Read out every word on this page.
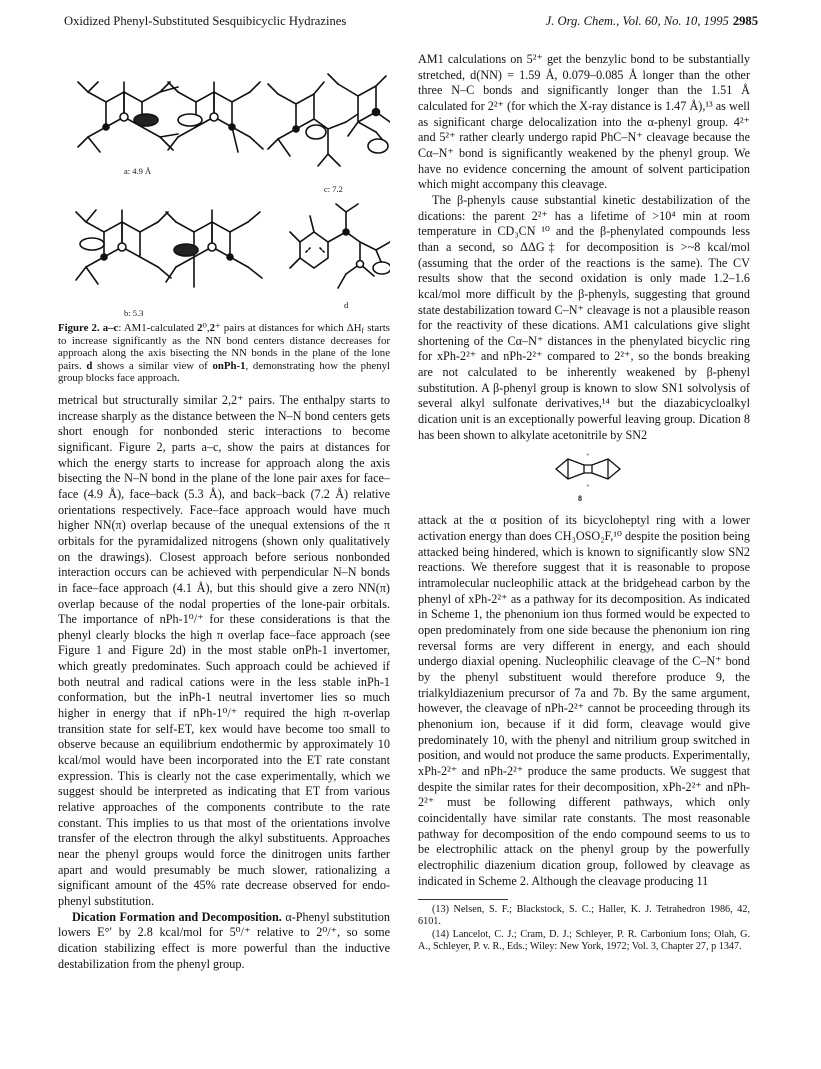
Oxidized Phenyl-Substituted Sesquibicyclic Hydrazines	J. Org. Chem., Vol. 60, No. 10, 1995 2985
a: 4.9 Å
c: 7.2
b: 5.3
d
Figure 2. a–c: AM1-calculated 2⁰,2⁺ pairs at distances for which $\Delta H_f$ starts to increase significantly as the NN bond centers distance decreases for approach along the axis bisecting the NN bonds in the plane of the lone pairs. d shows a similar view of onPh-1, demonstrating how the phenyl group blocks face approach.

metrical but structurally similar 2,2⁺ pairs. The enthalpy starts to increase sharply as the distance between the N–N bond centers gets short enough for nonbonded steric interactions to become significant. Figure 2, parts a–c, show the pairs at distances for which the energy starts to increase for approach along the axis bisecting the N–N bond in the plane of the lone pair axes for face–face (4.9 Å), face–back (5.3 Å), and back–back (7.2 Å) relative orientations respectively. Face–face approach would have much higher NN(π) overlap because of the unequal extensions of the π orbitals for the pyramidalized nitrogens (shown only qualitatively on the drawings). Closest approach before serious nonbonded interaction occurs can be achieved with perpendicular N–N bonds in face–face approach (4.1 Å), but this should give a zero NN(π) overlap because of the nodal properties of the lone-pair orbitals. The importance of nPh-1⁰/⁺ for these considerations is that the phenyl clearly blocks the high π overlap face–face approach (see Figure 1 and Figure 2d) in the most stable onPh-1 invertomer, which greatly predominates. Such approach could be achieved if both neutral and radical cations were in the less stable inPh-1 conformation, but the inPh-1 neutral invertomer lies so much higher in energy that if nPh-1⁰/⁺ required the high π-overlap transition state for self-ET, kex would have become too small to observe because an equilibrium endothermic by approximately 10 kcal/mol would have been incorporated into the ET rate constant expression. This is clearly not the case experimentally, which we suggest should be interpreted as indicating that ET from various relative approaches of the components contribute to the rate constant. This implies to us that most of the orientations involve transfer of the electron through the alkyl substituents. Approaches near the phenyl groups would force the dinitrogen units farther apart and would presumably be much slower, rationalizing a significant amount of the 45% rate decrease observed for endo-phenyl substitution.

Dication Formation and Decomposition. α-Phenyl substitution lowers E°′ by 2.8 kcal/mol for 5⁰/⁺ relative to 2⁰/⁺, so some dication stabilizing effect is more powerful than the inductive destabilization from the phenyl group.

AM1 calculations on 5²⁺ get the benzylic bond to be substantially stretched, d(NN) = 1.59 Å, 0.079–0.085 Å longer than the other three N–C bonds and significantly longer than the 1.51 Å calculated for 2²⁺ (for which the X-ray distance is 1.47 Å),¹³ as well as significant charge delocalization into the α-phenyl group. 4²⁺ and 5²⁺ rather clearly undergo rapid PhC–N⁺ cleavage because the Cα–N⁺ bond is significantly weakened by the phenyl group. We have no evidence concerning the amount of solvent participation which might accompany this cleavage.

The β-phenyls cause substantial kinetic destabilization of the dications: the parent 2²⁺ has a lifetime of >10⁴ min at room temperature in CD₃CN ¹⁰ and the β-phenylated compounds less than a second, so ΔΔG‡ for decomposition is >~8 kcal/mol (assuming that the order of the reactions is the same). The CV results show that the second oxidation is only made 1.2–1.6 kcal/mol more difficult by the β-phenyls, suggesting that ground state destabilization toward C–N⁺ cleavage is not a plausible reason for the reactivity of these dications. AM1 calculations give slight shortening of the Cα–N⁺ distances in the phenylated bicyclic ring for xPh-2²⁺ and nPh-2²⁺ compared to 2²⁺, so the bonds breaking are not calculated to be inherently weakened by β-phenyl substitution. A β-phenyl group is known to slow SN1 solvolysis of several alkyl sulfonate derivatives,¹⁴ but the diazabicycloalkyl dication unit is an exceptionally powerful leaving group. Dication 8 has been shown to alkylate acetonitrile by SN2

+
+
8

attack at the α position of its bicycloheptyl ring with a lower activation energy than does CH₃OSO₂F,¹⁰ despite the position being attacked being hindered, which is known to significantly slow SN2 reactions. We therefore suggest that it is reasonable to propose intramolecular nucleophilic attack at the bridgehead carbon by the phenyl of xPh-2²⁺ as a pathway for its decomposition. As indicated in Scheme 1, the phenonium ion thus formed would be expected to open predominately from one side because the phenonium ion ring reversal forms are very different in energy, and each should undergo diaxial opening. Nucleophilic cleavage of the C–N⁺ bond by the phenyl substituent would therefore produce 9, the trialkyldiazenium precursor of 7a and 7b. By the same argument, however, the cleavage of nPh-2²⁺ cannot be proceeding through its phenonium ion, because if it did form, cleavage would give predominately 10, with the phenyl and nitrilium group switched in position, and would not produce the same products. Experimentally, xPh-2²⁺ and nPh-2²⁺ produce the same products. We suggest that despite the similar rates for their decomposition, xPh-2²⁺ and nPh-2²⁺ must be following different pathways, which only coincidentally have similar rate constants. The most reasonable pathway for decomposition of the endo compound seems to us to be electrophilic attack on the phenyl group by the powerfully electrophilic diazenium dication group, followed by cleavage as indicated in Scheme 2. Although the cleavage producing 11

(13) Nelsen, S. F.; Blackstock, S. C.; Haller, K. J. Tetrahedron 1986, 42, 6101.

(14) Lancelot, C. J.; Cram, D. J.; Schleyer, P. R. Carbonium Ions; Olah, G. A., Schleyer, P. v. R., Eds.; Wiley: New York, 1972; Vol. 3, Chapter 27, p 1347.
